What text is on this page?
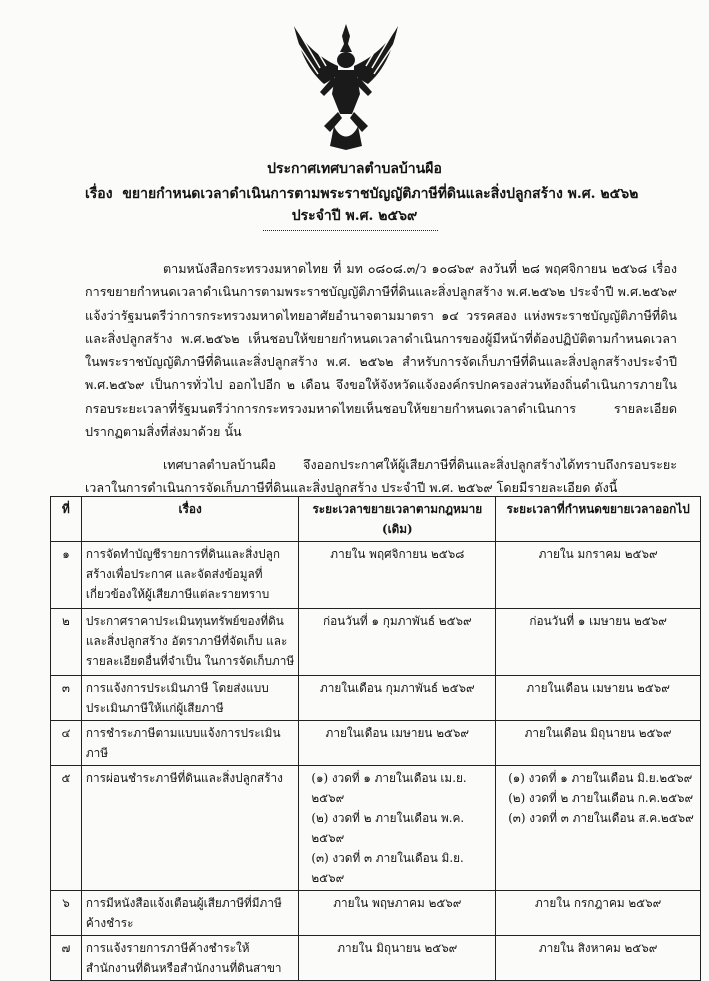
ประกาศเทศบาลตำบลบ้านผือ
เรื่อง ขยายกำหนดเวลาดำเนินการตามพระราชบัญญัติภาษีที่ดินและสิ่งปลูกสร้าง พ.ศ. ๒๕๖๒
ประจำปี พ.ศ. ๒๕๖๙

ตามหนังสือกระทรวงมหาดไทย ที่ มท ๐๘๐๘.๓/ว ๑๐๘๖๙ ลงวันที่ ๒๘ พฤศจิกายน ๒๕๖๘ เรื่อง การขยายกำหนดเวลาดำเนินการตามพระราชบัญญัติภาษีที่ดินและสิ่งปลูกสร้าง พ.ศ.๒๕๖๒ ประจำปี พ.ศ.๒๕๖๙ แจ้งว่ารัฐมนตรีว่าการกระทรวงมหาดไทยอาศัยอำนาจตามมาตรา ๑๔ วรรคสอง แห่งพระราชบัญญัติภาษีที่ดินและสิ่งปลูกสร้าง พ.ศ.๒๕๖๒ เห็นชอบให้ขยายกำหนดเวลาดำเนินการของผู้มีหน้าที่ต้องปฏิบัติตามกำหนดเวลาในพระราชบัญญัติภาษีที่ดินและสิ่งปลูกสร้าง พ.ศ. ๒๕๖๒ สำหรับการจัดเก็บภาษีที่ดินและสิ่งปลูกสร้างประจำปี พ.ศ.๒๕๖๙ เป็นการทั่วไป ออกไปอีก ๒ เดือน จึงขอให้จังหวัดแจ้งองค์กรปกครองส่วนท้องถิ่นดำเนินการภายในกรอบระยะเวลาที่รัฐมนตรีว่าการกระทรวงมหาดไทยเห็นชอบให้ขยายกำหนดเวลาดำเนินการ รายละเอียดปรากฏตามสิ่งที่ส่งมาด้วย นั้น

เทศบาลตำบลบ้านผือ จึงออกประกาศให้ผู้เสียภาษีที่ดินและสิ่งปลูกสร้างได้ทราบถึงกรอบระยะเวลาในการดำเนินการจัดเก็บภาษีที่ดินและสิ่งปลูกสร้าง ประจำปี พ.ศ. ๒๕๖๙ โดยมีรายละเอียด ดังนี้

ที่	เรื่อง	ระยะเวลาขยายเวลาตามกฎหมาย (เดิม)	ระยะเวลาที่กำหนดขยายเวลาออกไป
๑	การจัดทำบัญชีรายการที่ดินและสิ่งปลูกสร้างเพื่อประกาศ และจัดส่งข้อมูลที่เกี่ยวข้องให้ผู้เสียภาษีแต่ละรายทราบ	ภายใน พฤศจิกายน ๒๕๖๘	ภายใน มกราคม ๒๕๖๙
๒	ประกาศราคาประเมินทุนทรัพย์ของที่ดินและสิ่งปลูกสร้าง อัตราภาษีที่จัดเก็บ และรายละเอียดอื่นที่จำเป็น ในการจัดเก็บภาษี	ก่อนวันที่ ๑ กุมภาพันธ์ ๒๕๖๙	ก่อนวันที่ ๑ เมษายน ๒๕๖๙
๓	การแจ้งการประเมินภาษี โดยส่งแบบประเมินภาษีให้แก่ผู้เสียภาษี	ภายในเดือน กุมภาพันธ์ ๒๕๖๙	ภายในเดือน เมษายน ๒๕๖๙
๔	การชำระภาษีตามแบบแจ้งการประเมินภาษี	ภายในเดือน เมษายน ๒๕๖๙	ภายในเดือน มิถุนายน ๒๕๖๙
๕	การผ่อนชำระภาษีที่ดินและสิ่งปลูกสร้าง	(๑) งวดที่ ๑ ภายในเดือน เม.ย. ๒๕๖๙
(๒) งวดที่ ๒ ภายในเดือน พ.ค. ๒๕๖๙
(๓) งวดที่ ๓ ภายในเดือน มิ.ย. ๒๕๖๙	(๑) งวดที่ ๑ ภายในเดือน มิ.ย.๒๕๖๙
(๒) งวดที่ ๒ ภายในเดือน ก.ค.๒๕๖๙
(๓) งวดที่ ๓ ภายในเดือน ส.ค.๒๕๖๙

๖	การมีหนังสือแจ้งเตือนผู้เสียภาษีที่มีภาษีค้างชำระ	ภายใน พฤษภาคม ๒๕๖๙	ภายใน กรกฎาคม ๒๕๖๙
๗	การแจ้งรายการภาษีค้างชำระให้สำนักงานที่ดินหรือสำนักงานที่ดินสาขา	ภายใน มิถุนายน ๒๕๖๙	ภายใน สิงหาคม ๒๕๖๙
